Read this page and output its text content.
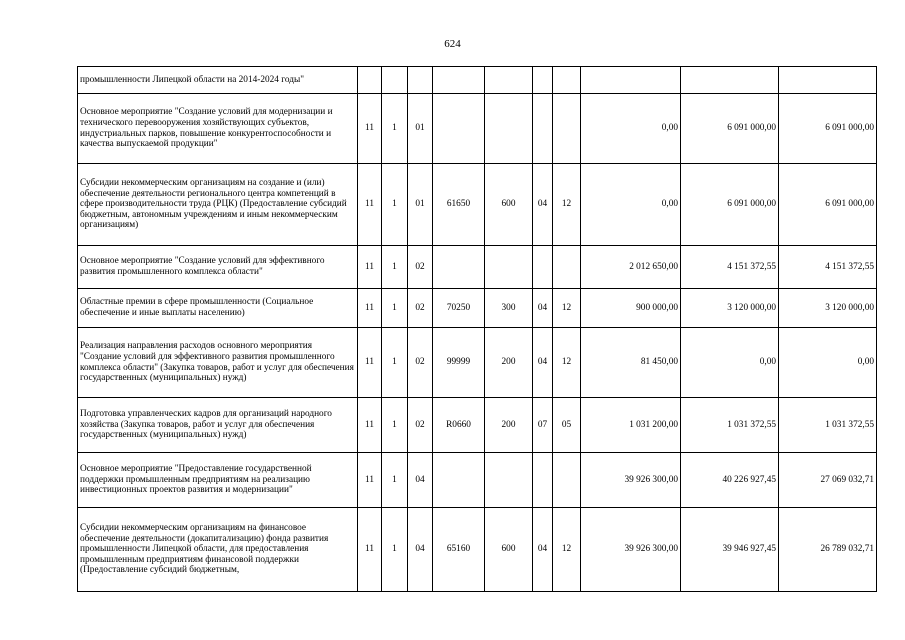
624
промышленности Липецкой области на 2014-2024 годы"										
Основное мероприятие "Создание условий для модернизации и технического перевооружения хозяйствующих субъектов, индустриальных парков, повышение конкурентоспособности и качества выпускаемой продукции"	11	1	01					0,00	6 091 000,00	6 091 000,00
Субсидии некоммерческим организациям на создание и (или) обеспечение деятельности регионального центра компетенций в сфере производительности труда (РЦК) (Предоставление субсидий бюджетным, автономным учреждениям и иным некоммерческим организациям)	11	1	01	61650	600	04	12	0,00	6 091 000,00	6 091 000,00
Основное мероприятие "Создание условий для эффективного развития промышленного комплекса области"	11	1	02					2 012 650,00	4 151 372,55	4 151 372,55
Областные премии в сфере промышленности (Социальное обеспечение и иные выплаты населению)	11	1	02	70250	300	04	12	900 000,00	3 120 000,00	3 120 000,00
Реализация направления расходов основного мероприятия "Создание условий для эффективного развития промышленного комплекса области" (Закупка товаров, работ и услуг для обеспечения государственных (муниципальных) нужд)	11	1	02	99999	200	04	12	81 450,00	0,00	0,00
Подготовка управленческих кадров для организаций народного хозяйства (Закупка товаров, работ и услуг для обеспечения государственных (муниципальных) нужд)	11	1	02	R0660	200	07	05	1 031 200,00	1 031 372,55	1 031 372,55
Основное мероприятие "Предоставление государственной поддержки промышленным предприятиям на реализацию инвестиционных проектов развития и модернизации"	11	1	04					39 926 300,00	40 226 927,45	27 069 032,71
Субсидии некоммерческим организациям на финансовое обеспечение деятельности (докапитализацию) фонда развития промышленности Липецкой области, для предоставления промышленным предприятиям финансовой поддержки (Предоставление субсидий бюджетным,	11	1	04	65160	600	04	12	39 926 300,00	39 946 927,45	26 789 032,71
